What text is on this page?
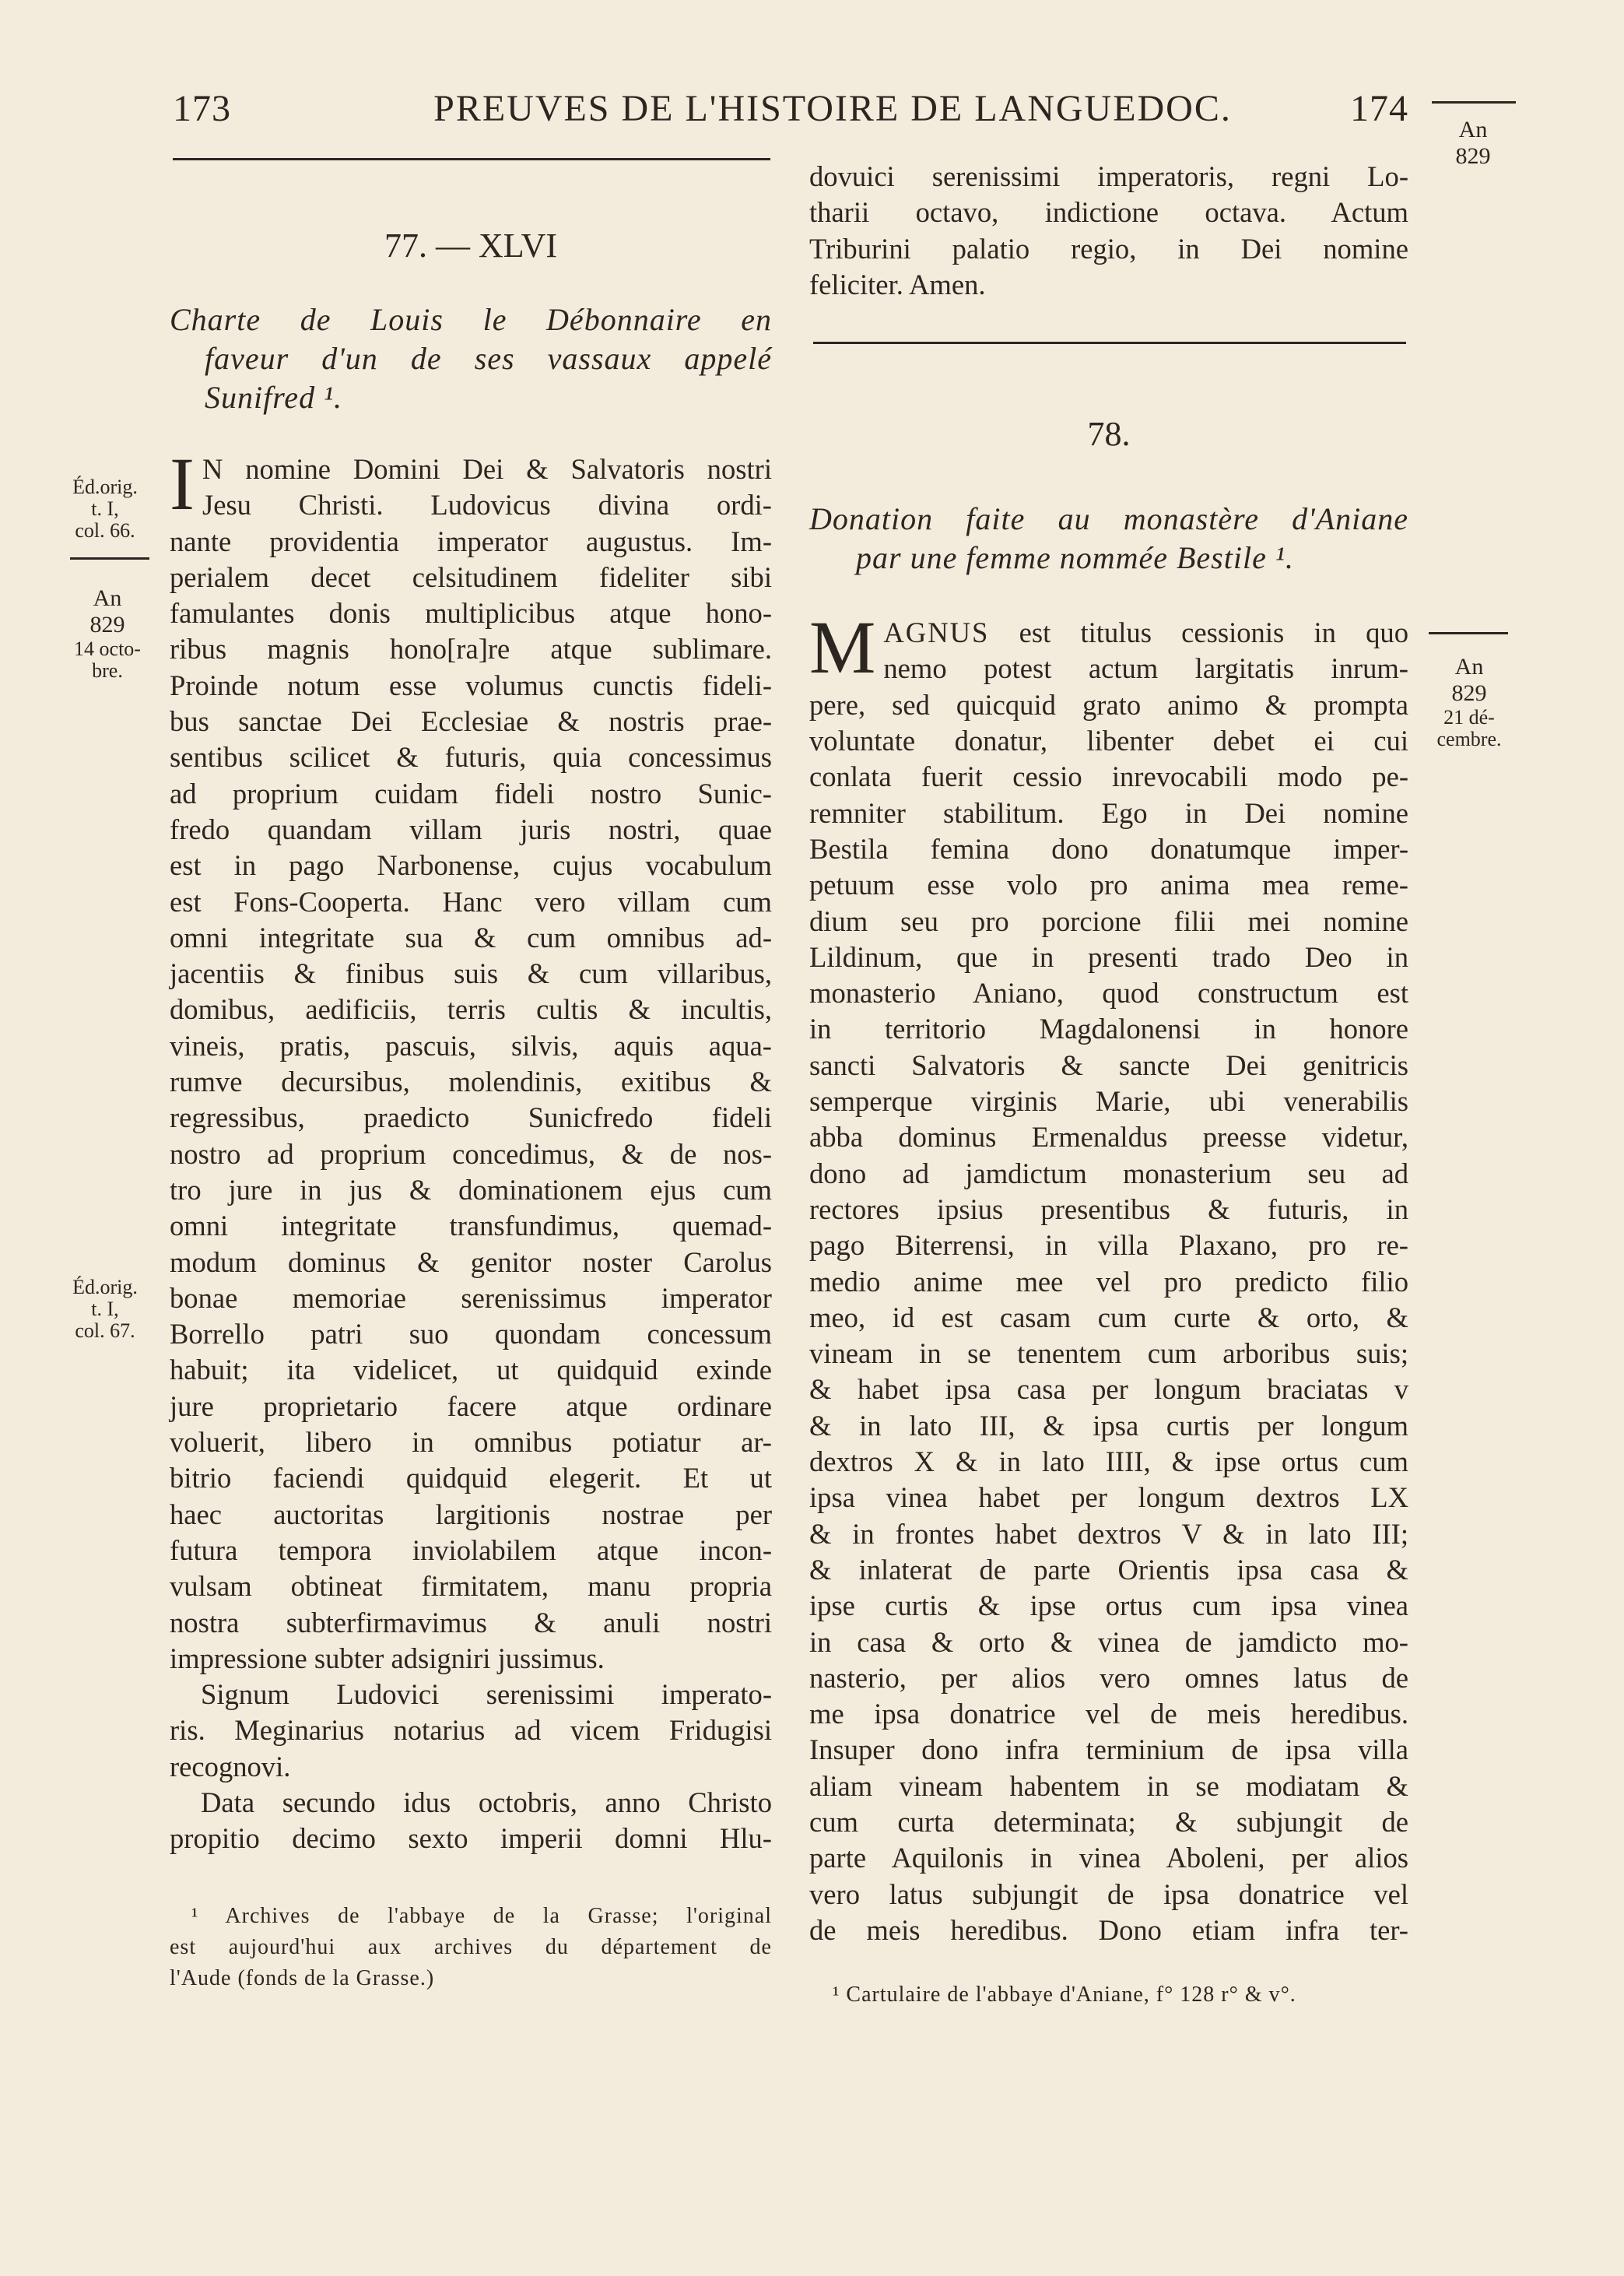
173	PREUVES DE L'HISTOIRE DE LANGUEDOC.	174
An
829
77. — XLVI
Charte de Louis le Débonnaire en
faveur d'un de ses vassaux appelé
Sunifred ¹.

I N nomine Domini Dei & Salvatoris nostri
Jesu Christi. Ludovicus divina ordi-
nante providentia imperator augustus. Im-
perialem decet celsitudinem fideliter sibi
famulantes donis multiplicibus atque hono-
ribus magnis hono[ra]re atque sublimare.
Proinde notum esse volumus cunctis fideli-
bus sanctae Dei Ecclesiae & nostris prae-
sentibus scilicet & futuris, quia concessimus
ad proprium cuidam fideli nostro Sunic-
fredo quandam villam juris nostri, quae
est in pago Narbonense, cujus vocabulum
est Fons-Cooperta. Hanc vero villam cum
omni integritate sua & cum omnibus ad-
jacentiis & finibus suis & cum villaribus,
domibus, aedificiis, terris cultis & incultis,
vineis, pratis, pascuis, silvis, aquis aqua-
rumve decursibus, molendinis, exitibus &
regressibus, praedicto Sunicfredo fideli
nostro ad proprium concedimus, & de nos-
tro jure in jus & dominationem ejus cum
omni integritate transfundimus, quemad-
modum dominus & genitor noster Carolus
bonae memoriae serenissimus imperator
Borrello patri suo quondam concessum
habuit; ita videlicet, ut quidquid exinde
jure proprietario facere atque ordinare
voluerit, libero in omnibus potiatur ar-
bitrio faciendi quidquid elegerit. Et ut
haec auctoritas largitionis nostrae per
futura tempora inviolabilem atque incon-
vulsam obtineat firmitatem, manu propria
nostra subterfirmavimus & anuli nostri
impressione subter adsigniri jussimus.

Signum Ludovici serenissimi imperato-
ris. Meginarius notarius ad vicem Fridugisi
recognovi.

Data secundo idus octobris, anno Christo
propitio decimo sexto imperii domni Hlu-

¹ Archives de l'abbaye de la Grasse; l'original
est aujourd'hui aux archives du département de
l'Aude (fonds de la Grasse.)
Éd.orig.
t. I,
col. 66.
An
829
14 octo-
bre.
Éd.orig.
t. I,
col. 67.

dovuici serenissimi imperatoris, regni Lo-
tharii octavo, indictione octava. Actum
Triburini palatio regio, in Dei nomine
feliciter. Amen.

78.
Donation faite au monastère d'Aniane
par une femme nommée Bestile ¹.

M AGNUS est titulus cessionis in quo
nemo potest actum largitatis inrum-
pere, sed quicquid grato animo & prompta
voluntate donatur, libenter debet ei cui
conlata fuerit cessio inrevocabili modo pe-
remniter stabilitum. Ego in Dei nomine
Bestila femina dono donatumque imper-
petuum esse volo pro anima mea reme-
dium seu pro porcione filii mei nomine
Lildinum, que in presenti trado Deo in
monasterio Aniano, quod constructum est
in territorio Magdalonensi in honore
sancti Salvatoris & sancte Dei genitricis
semperque virginis Marie, ubi venerabilis
abba dominus Ermenaldus preesse videtur,
dono ad jamdictum monasterium seu ad
rectores ipsius presentibus & futuris, in
pago Biterrensi, in villa Plaxano, pro re-
medio anime mee vel pro predicto filio
meo, id est casam cum curte & orto, &
vineam in se tenentem cum arboribus suis;
& habet ipsa casa per longum braciatas v
& in lato III, & ipsa curtis per longum
dextros X & in lato IIII, & ipse ortus cum
ipsa vinea habet per longum dextros LX
& in frontes habet dextros V & in lato III;
& inlaterat de parte Orientis ipsa casa &
ipse curtis & ipse ortus cum ipsa vinea
in casa & orto & vinea de jamdicto mo-
nasterio, per alios vero omnes latus de
me ipsa donatrice vel de meis heredibus.
Insuper dono infra terminium de ipsa villa
aliam vineam habentem in se modiatam &
cum curta determinata; & subjungit de
parte Aquilonis in vinea Aboleni, per alios
vero latus subjungit de ipsa donatrice vel
de meis heredibus. Dono etiam infra ter-

¹ Cartulaire de l'abbaye d'Aniane, f° 128 r° & v°.
An
829
21 dé-
cembre.
